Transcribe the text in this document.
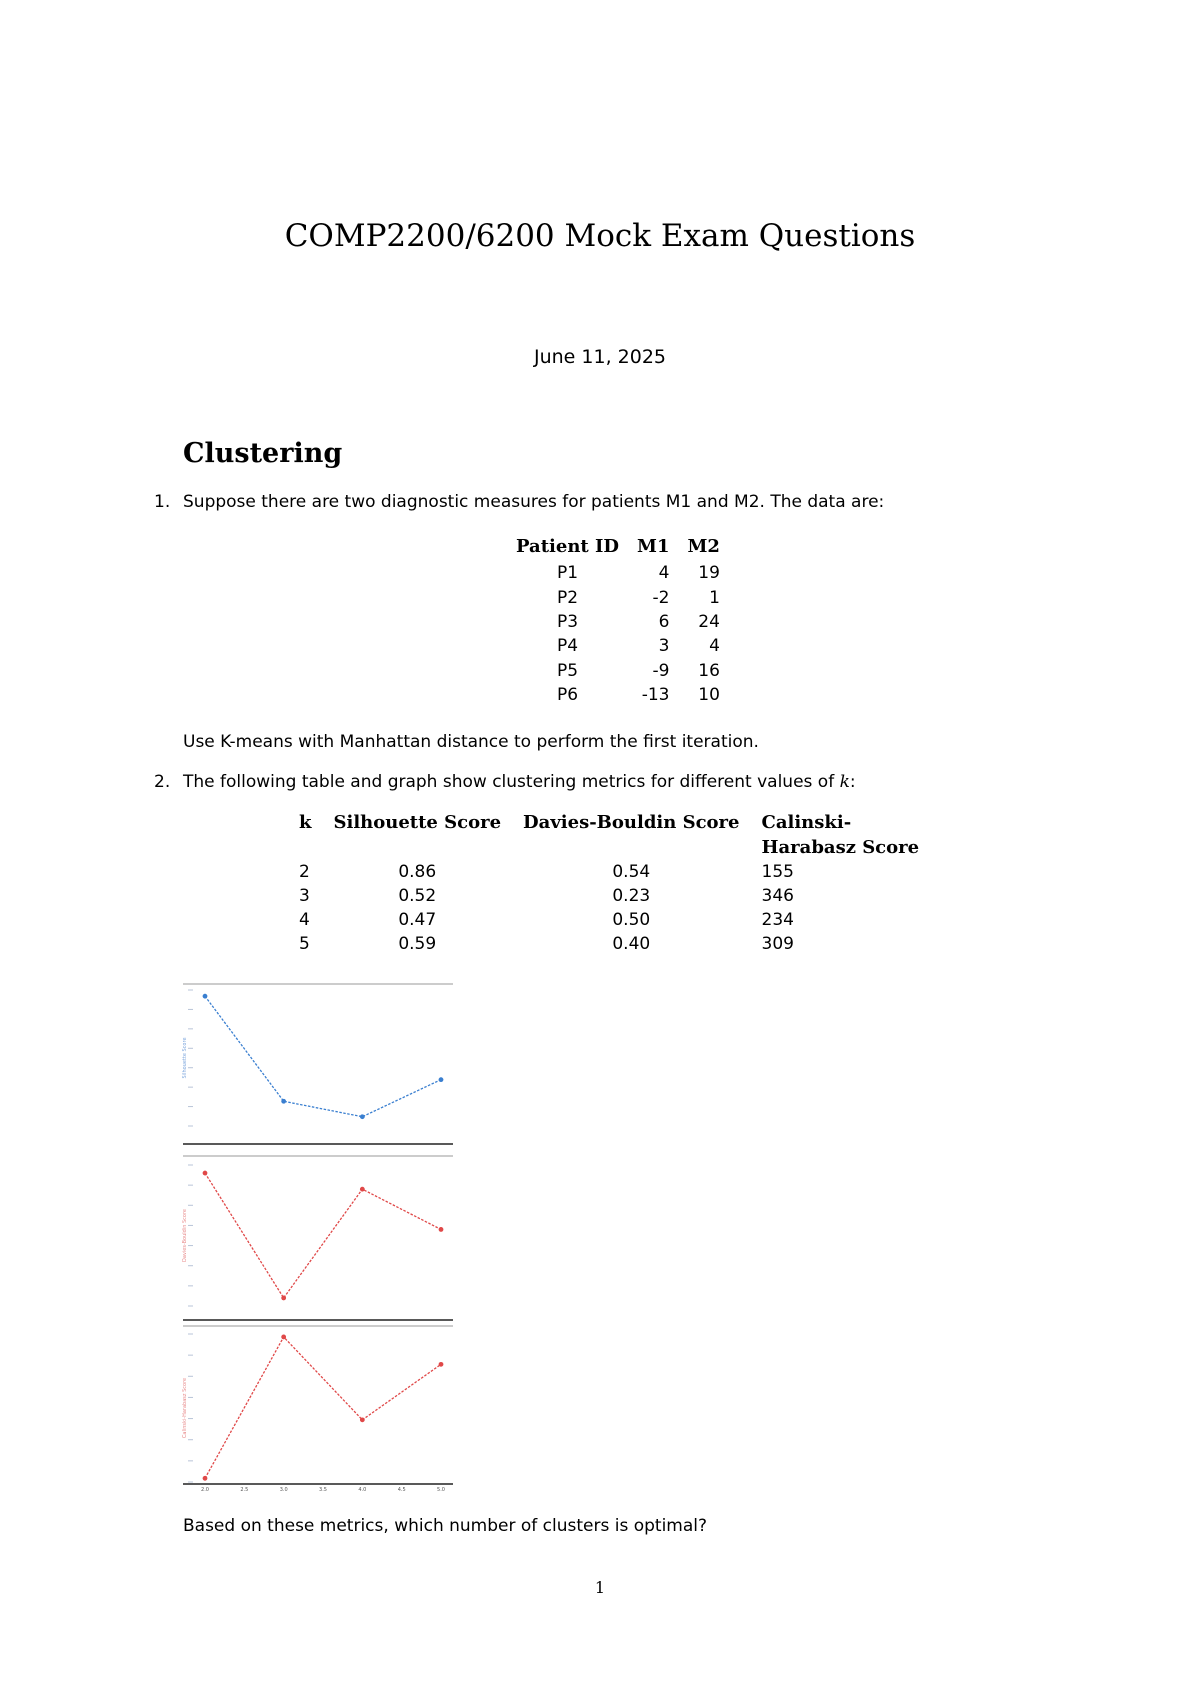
COMP2200/6200 Mock Exam Questions
June 11, 2025
Clustering
1. Suppose there are two diagnostic measures for patients M1 and M2. The data are:
Patient ID	M1	M2
P1	4	19
P2	-2	1
P3	6	24
P4	3	4
P5	-9	16
P6	-13	10
Use K-means with Manhattan distance to perform the first iteration.
2. The following table and graph show clustering metrics for different values of k:
k	Silhouette Score	Davies-Bouldin Score	Calinski-
Harabasz Score
2	0.86	0.54	155
3	0.52	0.23	346
4	0.47	0.50	234
5	0.59	0.40	309
Silhouette Score
Davies-Bouldin Score
Calinski-Harabasz Score
2.0	2.5	3.0	3.5	4.0	4.5	5.0
Based on these metrics, which number of clusters is optimal?
1
